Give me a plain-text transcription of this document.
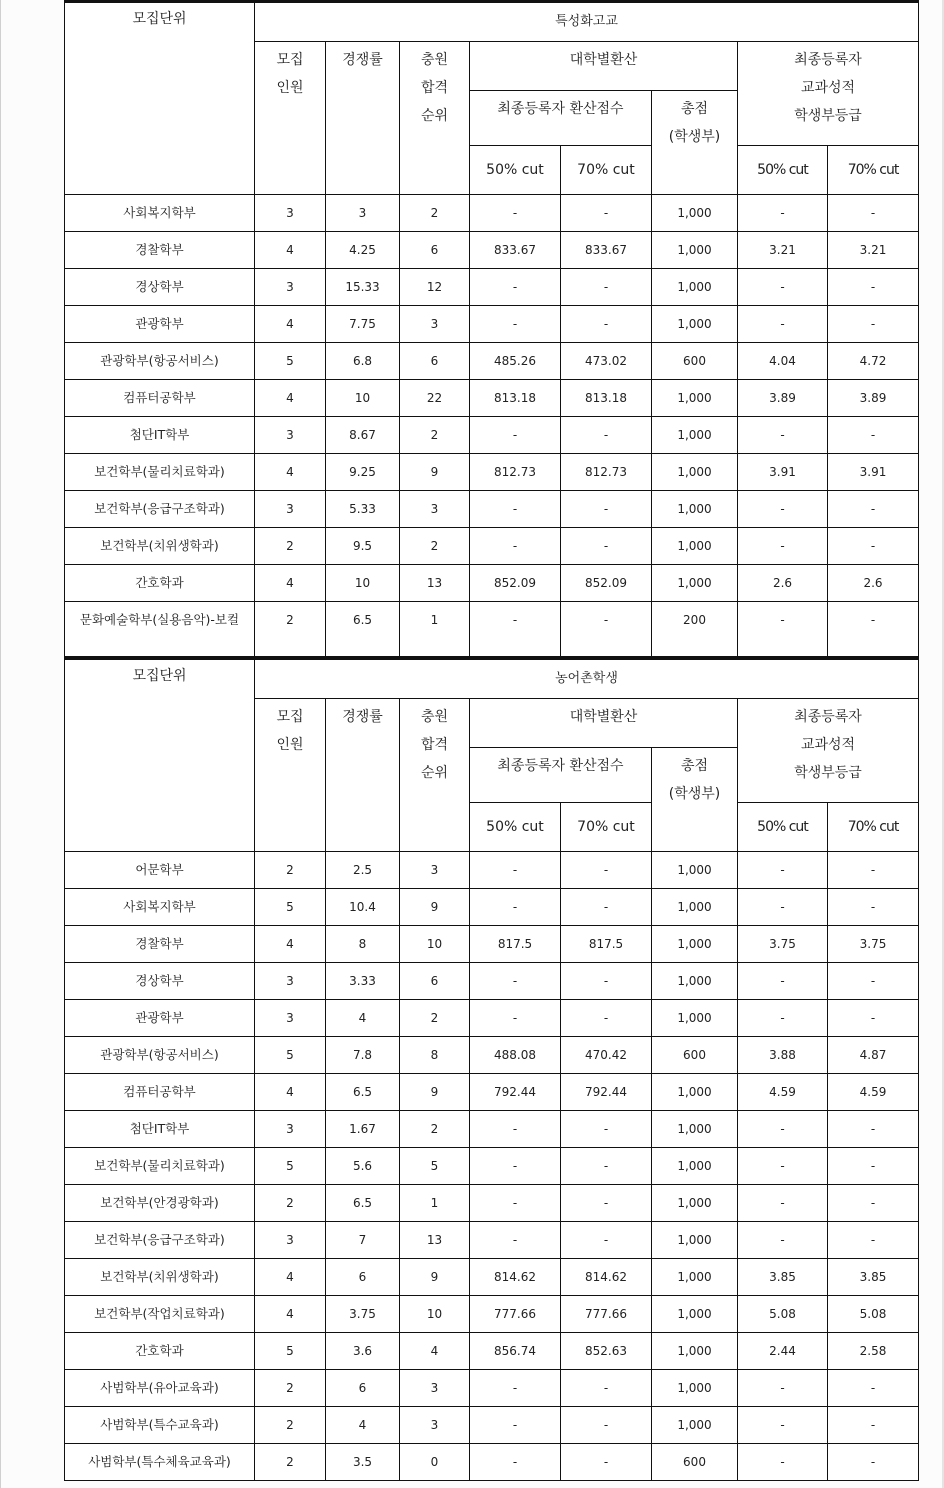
모집단위	특성화고교							
	모집
인원	경쟁률	충원
합격
순위	대학별환산			최종등록자
교과성적
학생부등급	
				최종등록자 환산점수		총점
(학생부)		
				50% cut	70% cut		50% cut	70% cut
사회복지학부	3	3	2	-	-	1,000	-	-
경찰학부	4	4.25	6	833.67	833.67	1,000	3.21	3.21
경상학부	3	15.33	12	-	-	1,000	-	-
관광학부	4	7.75	3	-	-	1,000	-	-
관광학부(항공서비스)	5	6.8	6	485.26	473.02	600	4.04	4.72
컴퓨터공학부	4	10	22	813.18	813.18	1,000	3.89	3.89
첨단IT학부	3	8.67	2	-	-	1,000	-	-
보건학부(물리치료학과)	4	9.25	9	812.73	812.73	1,000	3.91	3.91
보건학부(응급구조학과)	3	5.33	3	-	-	1,000	-	-
보건학부(치위생학과)	2	9.5	2	-	-	1,000	-	-
간호학과	4	10	13	852.09	852.09	1,000	2.6	2.6
문화예술학부(실용음악)-보컬	2	6.5	1	-	-	200	-	-
모집단위	농어촌학생							
	모집
인원	경쟁률	충원
합격
순위	대학별환산			최종등록자
교과성적
학생부등급	
				최종등록자 환산점수		총점
(학생부)		
				50% cut	70% cut		50% cut	70% cut
어문학부	2	2.5	3	-	-	1,000	-	-
사회복지학부	5	10.4	9	-	-	1,000	-	-
경찰학부	4	8	10	817.5	817.5	1,000	3.75	3.75
경상학부	3	3.33	6	-	-	1,000	-	-
관광학부	3	4	2	-	-	1,000	-	-
관광학부(항공서비스)	5	7.8	8	488.08	470.42	600	3.88	4.87
컴퓨터공학부	4	6.5	9	792.44	792.44	1,000	4.59	4.59
첨단IT학부	3	1.67	2	-	-	1,000	-	-
보건학부(물리치료학과)	5	5.6	5	-	-	1,000	-	-
보건학부(안경광학과)	2	6.5	1	-	-	1,000	-	-
보건학부(응급구조학과)	3	7	13	-	-	1,000	-	-
보건학부(치위생학과)	4	6	9	814.62	814.62	1,000	3.85	3.85
보건학부(작업치료학과)	4	3.75	10	777.66	777.66	1,000	5.08	5.08
간호학과	5	3.6	4	856.74	852.63	1,000	2.44	2.58
사범학부(유아교육과)	2	6	3	-	-	1,000	-	-
사범학부(특수교육과)	2	4	3	-	-	1,000	-	-
사범학부(특수체육교육과)	2	3.5	0	-	-	600	-	-
